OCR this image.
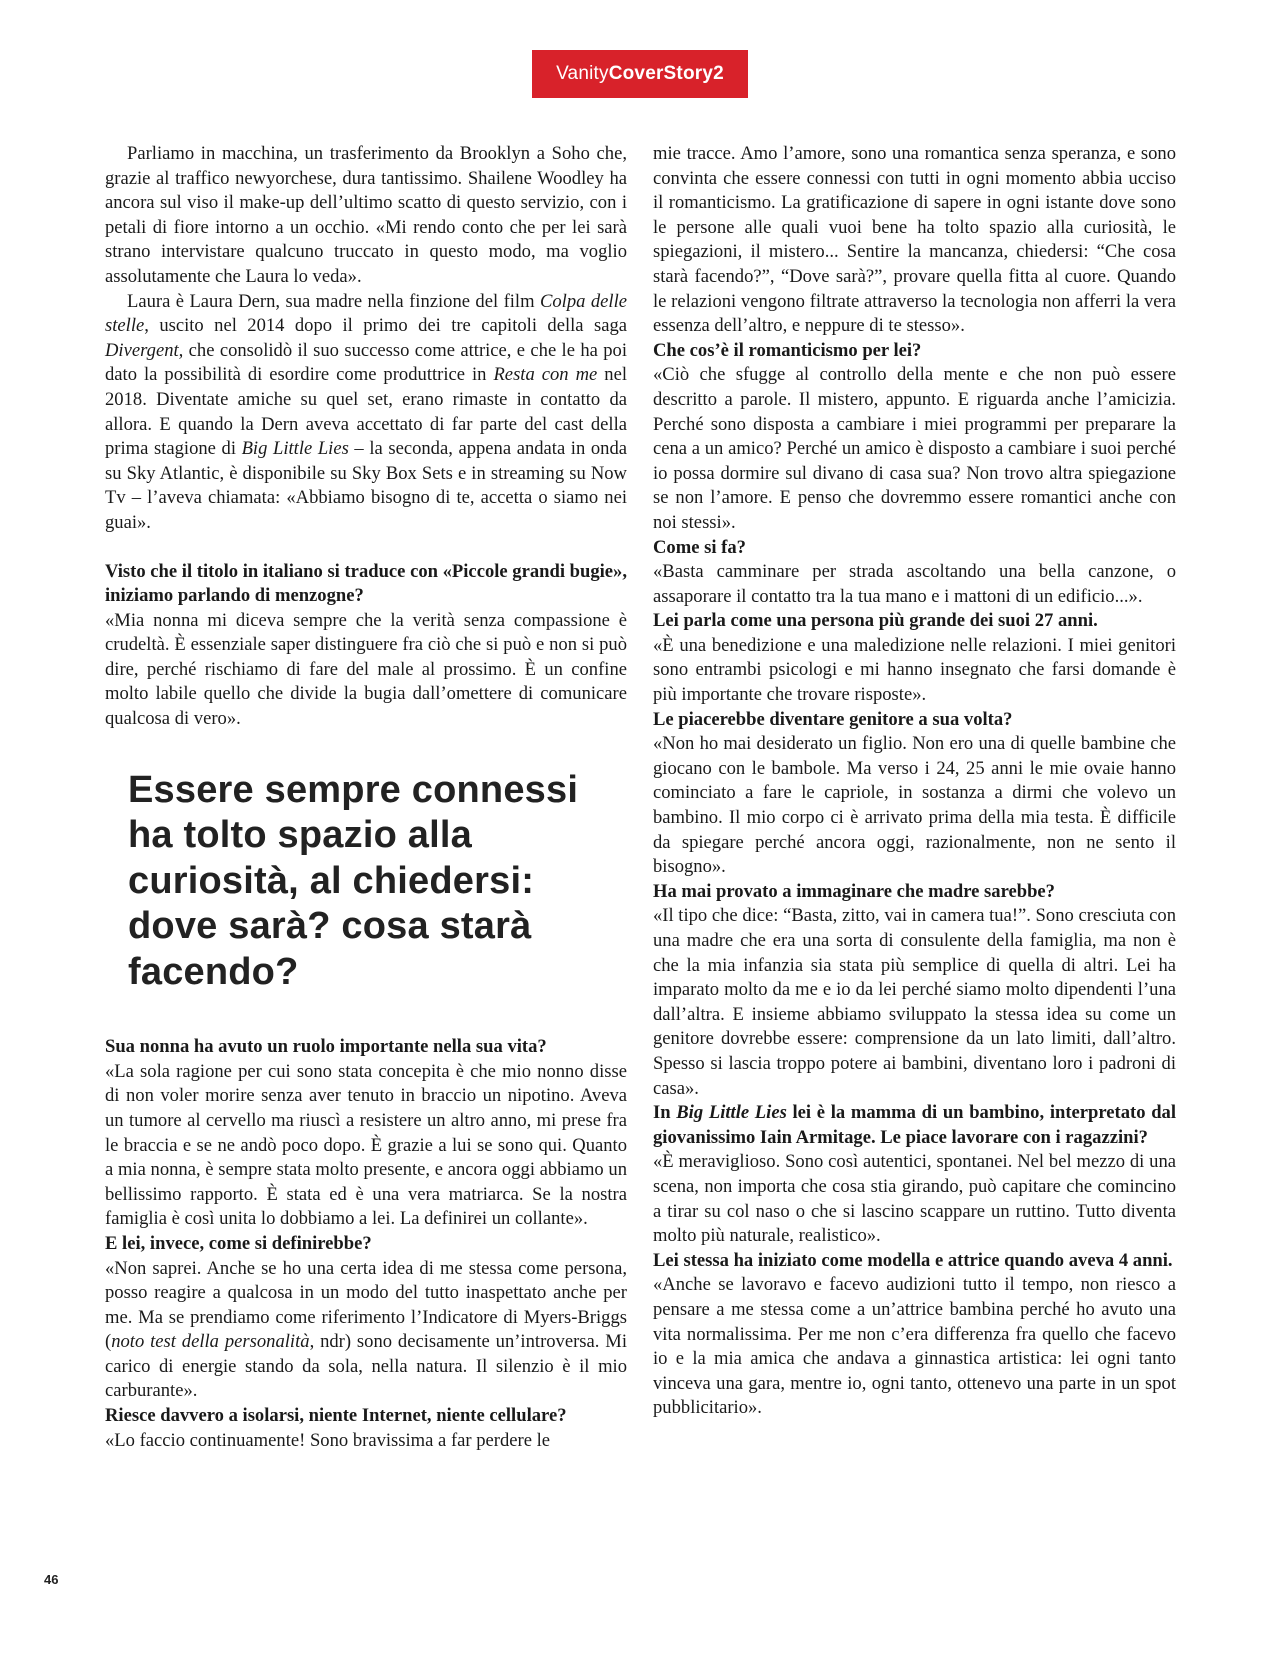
Vanity CoverStory 2

Parliamo in macchina, un trasferimento da Brooklyn a Soho che, grazie al traffico newyorchese, dura tantissimo. Shailene Woodley ha ancora sul viso il make-up dell’ultimo scatto di questo servizio, con i petali di fiore intorno a un occhio. «Mi rendo conto che per lei sarà strano intervistare qualcuno truccato in questo modo, ma voglio assolutamente che Laura lo veda».

Laura è Laura Dern, sua madre nella finzione del film Colpa delle stelle, uscito nel 2014 dopo il primo dei tre capitoli della saga Divergent, che consolidò il suo successo come attrice, e che le ha poi dato la possibilità di esordire come produttrice in Resta con me nel 2018. Diventate amiche su quel set, erano rimaste in contatto da allora. E quando la Dern aveva accettato di far parte del cast della prima stagione di Big Little Lies – la seconda, appena andata in onda su Sky Atlantic, è disponibile su Sky Box Sets e in streaming su Now Tv – l’aveva chiamata: «Abbiamo bisogno di te, accetta o siamo nei guai».

Visto che il titolo in italiano si traduce con «Piccole grandi bugie», iniziamo parlando di menzogne?

«Mia nonna mi diceva sempre che la verità senza compassione è crudeltà. È essenziale saper distinguere fra ciò che si può e non si può dire, perché rischiamo di fare del male al prossimo. È un confine molto labile quello che divide la bugia dall’omettere di comunicare qualcosa di vero».

Essere sempre connessi ha tolto spazio alla curiosità, al chiedersi: dove sarà? cosa starà facendo?

Sua nonna ha avuto un ruolo importante nella sua vita?

«La sola ragione per cui sono stata concepita è che mio nonno disse di non voler morire senza aver tenuto in braccio un nipotino. Aveva un tumore al cervello ma riuscì a resistere un altro anno, mi prese fra le braccia e se ne andò poco dopo. È grazie a lui se sono qui. Quanto a mia nonna, è sempre stata molto presente, e ancora oggi abbiamo un bellissimo rapporto. È stata ed è una vera matriarca. Se la nostra famiglia è così unita lo dobbiamo a lei. La definirei un collante».

E lei, invece, come si definirebbe?

«Non saprei. Anche se ho una certa idea di me stessa come persona, posso reagire a qualcosa in un modo del tutto inaspettato anche per me. Ma se prendiamo come riferimento l’Indicatore di Myers-Briggs (noto test della personalità, ndr) sono decisamente un’introversa. Mi carico di energie stando da sola, nella natura. Il silenzio è il mio carburante».

Riesce davvero a isolarsi, niente Internet, niente cellulare?

«Lo faccio continuamente! Sono bravissima a far perdere le

mie tracce. Amo l’amore, sono una romantica senza speranza, e sono convinta che essere connessi con tutti in ogni momento abbia ucciso il romanticismo. La gratificazione di sapere in ogni istante dove sono le persone alle quali vuoi bene ha tolto spazio alla curiosità, le spiegazioni, il mistero... Sentire la mancanza, chiedersi: “Che cosa starà facendo?”, “Dove sarà?”, provare quella fitta al cuore. Quando le relazioni vengono filtrate attraverso la tecnologia non afferri la vera essenza dell’altro, e neppure di te stesso».

Che cos’è il romanticismo per lei?

«Ciò che sfugge al controllo della mente e che non può essere descritto a parole. Il mistero, appunto. E riguarda anche l’amicizia. Perché sono disposta a cambiare i miei programmi per preparare la cena a un amico? Perché un amico è disposto a cambiare i suoi perché io possa dormire sul divano di casa sua? Non trovo altra spiegazione se non l’amore. E penso che dovremmo essere romantici anche con noi stessi».

Come si fa?

«Basta camminare per strada ascoltando una bella canzone, o assaporare il contatto tra la tua mano e i mattoni di un edificio...».

Lei parla come una persona più grande dei suoi 27 anni.

«È una benedizione e una maledizione nelle relazioni. I miei genitori sono entrambi psicologi e mi hanno insegnato che farsi domande è più importante che trovare risposte».

Le piacerebbe diventare genitore a sua volta?

«Non ho mai desiderato un figlio. Non ero una di quelle bambine che giocano con le bambole. Ma verso i 24, 25 anni le mie ovaie hanno cominciato a fare le capriole, in sostanza a dirmi che volevo un bambino. Il mio corpo ci è arrivato prima della mia testa. È difficile da spiegare perché ancora oggi, razionalmente, non ne sento il bisogno».

Ha mai provato a immaginare che madre sarebbe?

«Il tipo che dice: “Basta, zitto, vai in camera tua!”. Sono cresciuta con una madre che era una sorta di consulente della famiglia, ma non è che la mia infanzia sia stata più semplice di quella di altri. Lei ha imparato molto da me e io da lei perché siamo molto dipendenti l’una dall’altra. E insieme abbiamo sviluppato la stessa idea su come un genitore dovrebbe essere: comprensione da un lato limiti, dall’altro. Spesso si lascia troppo potere ai bambini, diventano loro i padroni di casa».

In Big Little Lies lei è la mamma di un bambino, interpretato dal giovanissimo Iain Armitage. Le piace lavorare con i ragazzini?

«È meraviglioso. Sono così autentici, spontanei. Nel bel mezzo di una scena, non importa che cosa stia girando, può capitare che comincino a tirar su col naso o che si lascino scappare un ruttino. Tutto diventa molto più naturale, realistico».

Lei stessa ha iniziato come modella e attrice quando aveva 4 anni.

«Anche se lavoravo e facevo audizioni tutto il tempo, non riesco a pensare a me stessa come a un’attrice bambina perché ho avuto una vita normalissima. Per me non c’era differenza fra quello che facevo io e la mia amica che andava a ginnastica artistica: lei ogni tanto vinceva una gara, mentre io, ogni tanto, ottenevo una parte in un spot pubblicitario».

46
